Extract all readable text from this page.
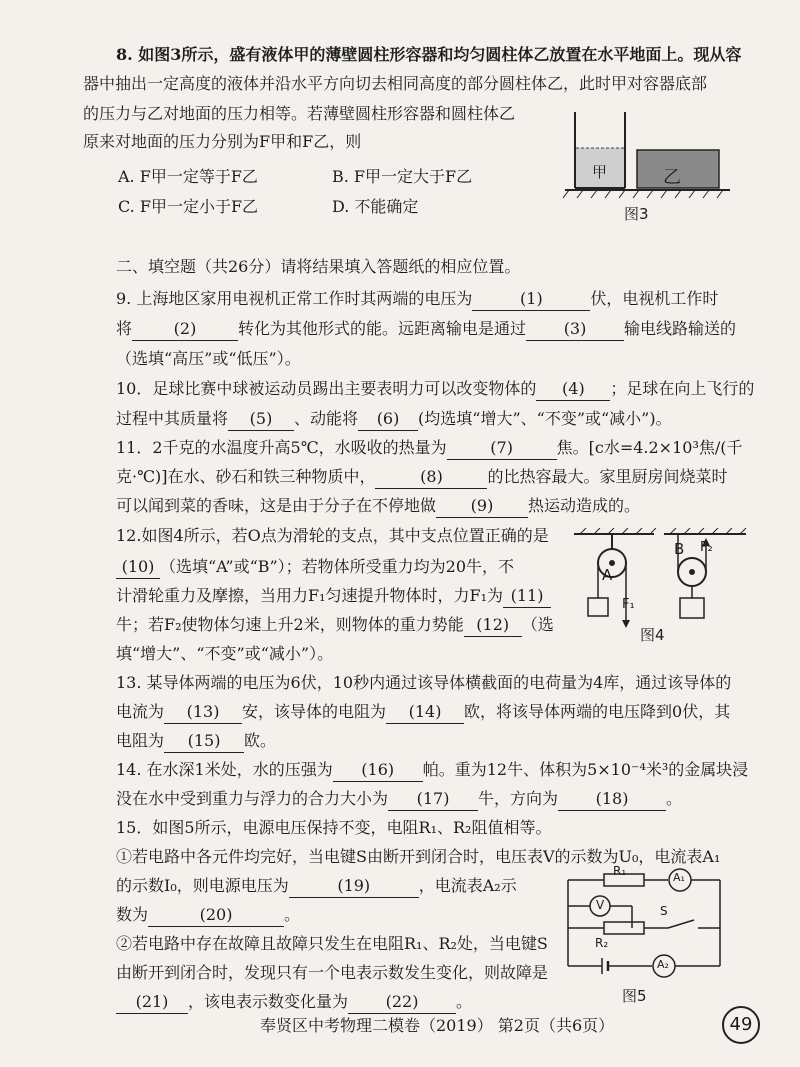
8. 如图3所示，盛有液体甲的薄壁圆柱形容器和均匀圆柱体乙放置在水平地面上。现从容
器中抽出一定高度的液体并沿水平方向切去相同高度的部分圆柱体乙，此时甲对容器底部
的压力与乙对地面的压力相等。若薄壁圆柱形容器和圆柱体乙
原来对地面的压力分别为F甲和F乙，则
A. F甲一定等于F乙	B. F甲一定大于F乙
C. F甲一定小于F乙	D. 不能确定
甲	乙
图3
二、填空题（共26分）请将结果填入答题纸的相应位置。
9. 上海地区家用电视机正常工作时其两端的电压为	(1)	伏，电视机工作时
将	(2)	转化为其他形式的能。远距离输电是通过 (3) 输电线路输送的
（选填“高压”或“低压”）。
10．足球比赛中球被运动员踢出主要表明力可以改变物体的 (4) ；足球在向上飞行的
过程中其质量将 (5) 、动能将 (6) (均选填“增大”、“不变”或“减小”)。
11．2千克的水温度升高5℃，水吸收的热量为	(7)	焦。[c水=4.2×10³焦/(千
克·℃)]在水、砂石和铁三种物质中，	(8)	的比热容最大。家里厨房间烧菜时
可以闻到菜的香味，这是由于分子在不停地做 (9) 热运动造成的。
12.如图4所示，若O点为滑轮的支点，其中支点位置正确的是
(10) （选填“A”或“B”）；若物体所受重力均为20牛，不
计滑轮重力及摩擦，当用力F₁匀速提升物体时，力F₁为 (11)
牛；若F₂使物体匀速上升2米，则物体的重力势能 (12) （选
填“增大”、“不变”或“减小”）。
A
F₁
B F₂
图4
13. 某导体两端的电压为6伏，10秒内通过该导体横截面的电荷量为4库，通过该导体的
电流为 (13) 安，该导体的电阻为 (14) 欧，将该导体两端的电压降到0伏，其
电阻为 (15) 欧。
14. 在水深1米处，水的压强为 (16) 帕。重为12牛、体积为5×10⁻⁴米³的金属块浸
没在水中受到重力与浮力的合力大小为 (17) 牛，方向为 (18) 。
15．如图5所示，电源电压保持不变，电阻R₁、R₂阻值相等。
①若电路中各元件均完好，当电键S由断开到闭合时，电压表V的示数为U₀，电流表A₁
的示数I₀，则电源电压为	(19)	，电流表A₂示
数为	(20)	。
②若电路中存在故障且故障只发生在电阻R₁、R₂处，当电键S
由断开到闭合时，发现只有一个电表示数发生变化，则故障是
(21) ，该电表示数变化量为 (22) 。
R₁	A₁
V	S
R₂
A₂
图5
奉贤区中考物理二模卷（2019） 第2页（共6页）	49
